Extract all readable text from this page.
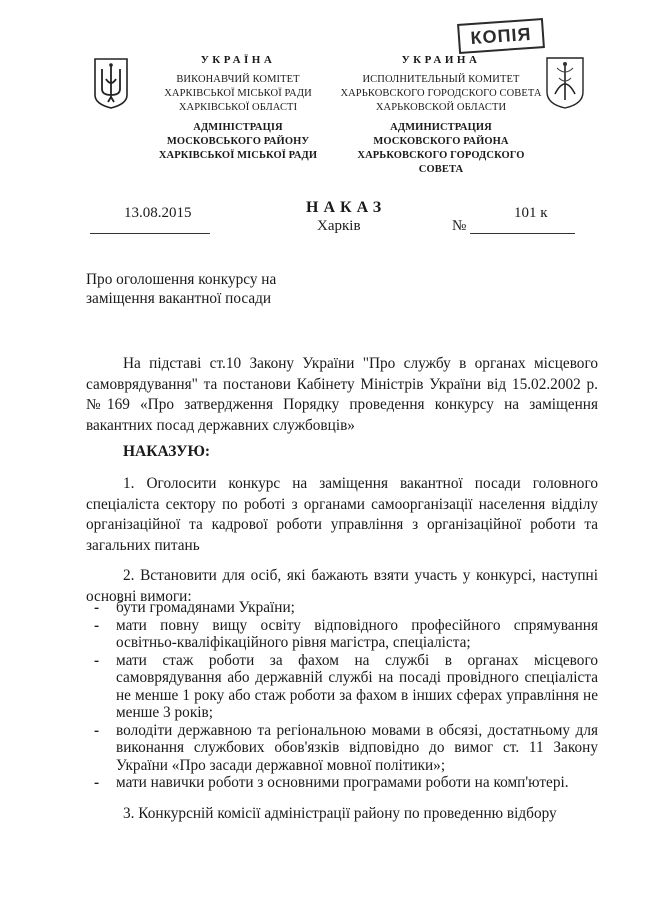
КОПІЯ
УКРАЇНА
ВИКОНАВЧИЙ КОМІТЕТ
ХАРКІВСЬКОЇ МІСЬКОЇ РАДИ
ХАРКІВСЬКОЇ ОБЛАСТІ
АДМІНІСТРАЦІЯ
МОСКОВСЬКОГО РАЙОНУ
ХАРКІВСЬКОЇ МІСЬКОЇ РАДИ
УКРАИНА
ИСПОЛНИТЕЛЬНЫЙ КОМИТЕТ
ХАРЬКОВСКОГО ГОРОДСКОГО СОВЕТА
ХАРЬКОВСКОЙ ОБЛАСТИ
АДМИНИСТРАЦИЯ
МОСКОВСКОГО РАЙОНА
ХАРЬКОВСКОГО ГОРОДСКОГО СОВЕТА
13.08.2015	НАКАЗ
Харків
101 к
№
Про оголошення конкурсу на
заміщення вакантної посади
На підставі ст.10 Закону України "Про службу в органах місцевого самоврядування" та постанови Кабінету Міністрів України від 15.02.2002 р. №169 «Про затвердження Порядку проведення конкурсу на заміщення вакантних посад державних службовців»
НАКАЗУЮ:
1. Оголосити конкурс на заміщення вакантної посади головного спеціаліста сектору по роботі з органами самоорганізації населення відділу організаційної та кадрової роботи управління з організаційної роботи та загальних питань
2. Встановити для осіб, які бажають взяти участь у конкурсі, наступні основні вимоги:
- бути громадянами України;
- мати повну вищу освіту відповідного професійного спрямування освітньо-кваліфікаційного рівня магістра, спеціаліста;
- мати стаж роботи за фахом на службі в органах місцевого самоврядування або державній службі на посаді провідного спеціаліста не менше 1 року або стаж роботи за фахом в інших сферах управління не менше 3 років;
- володіти державною та регіональною мовами в обсязі, достатньому для виконання службових обов'язків відповідно до вимог ст. 11 Закону України «Про засади державної мовної політики»;
- мати навички роботи з основними програмами роботи на комп'ютері.
3. Конкурсній комісії адміністрації району по проведенню відбору
